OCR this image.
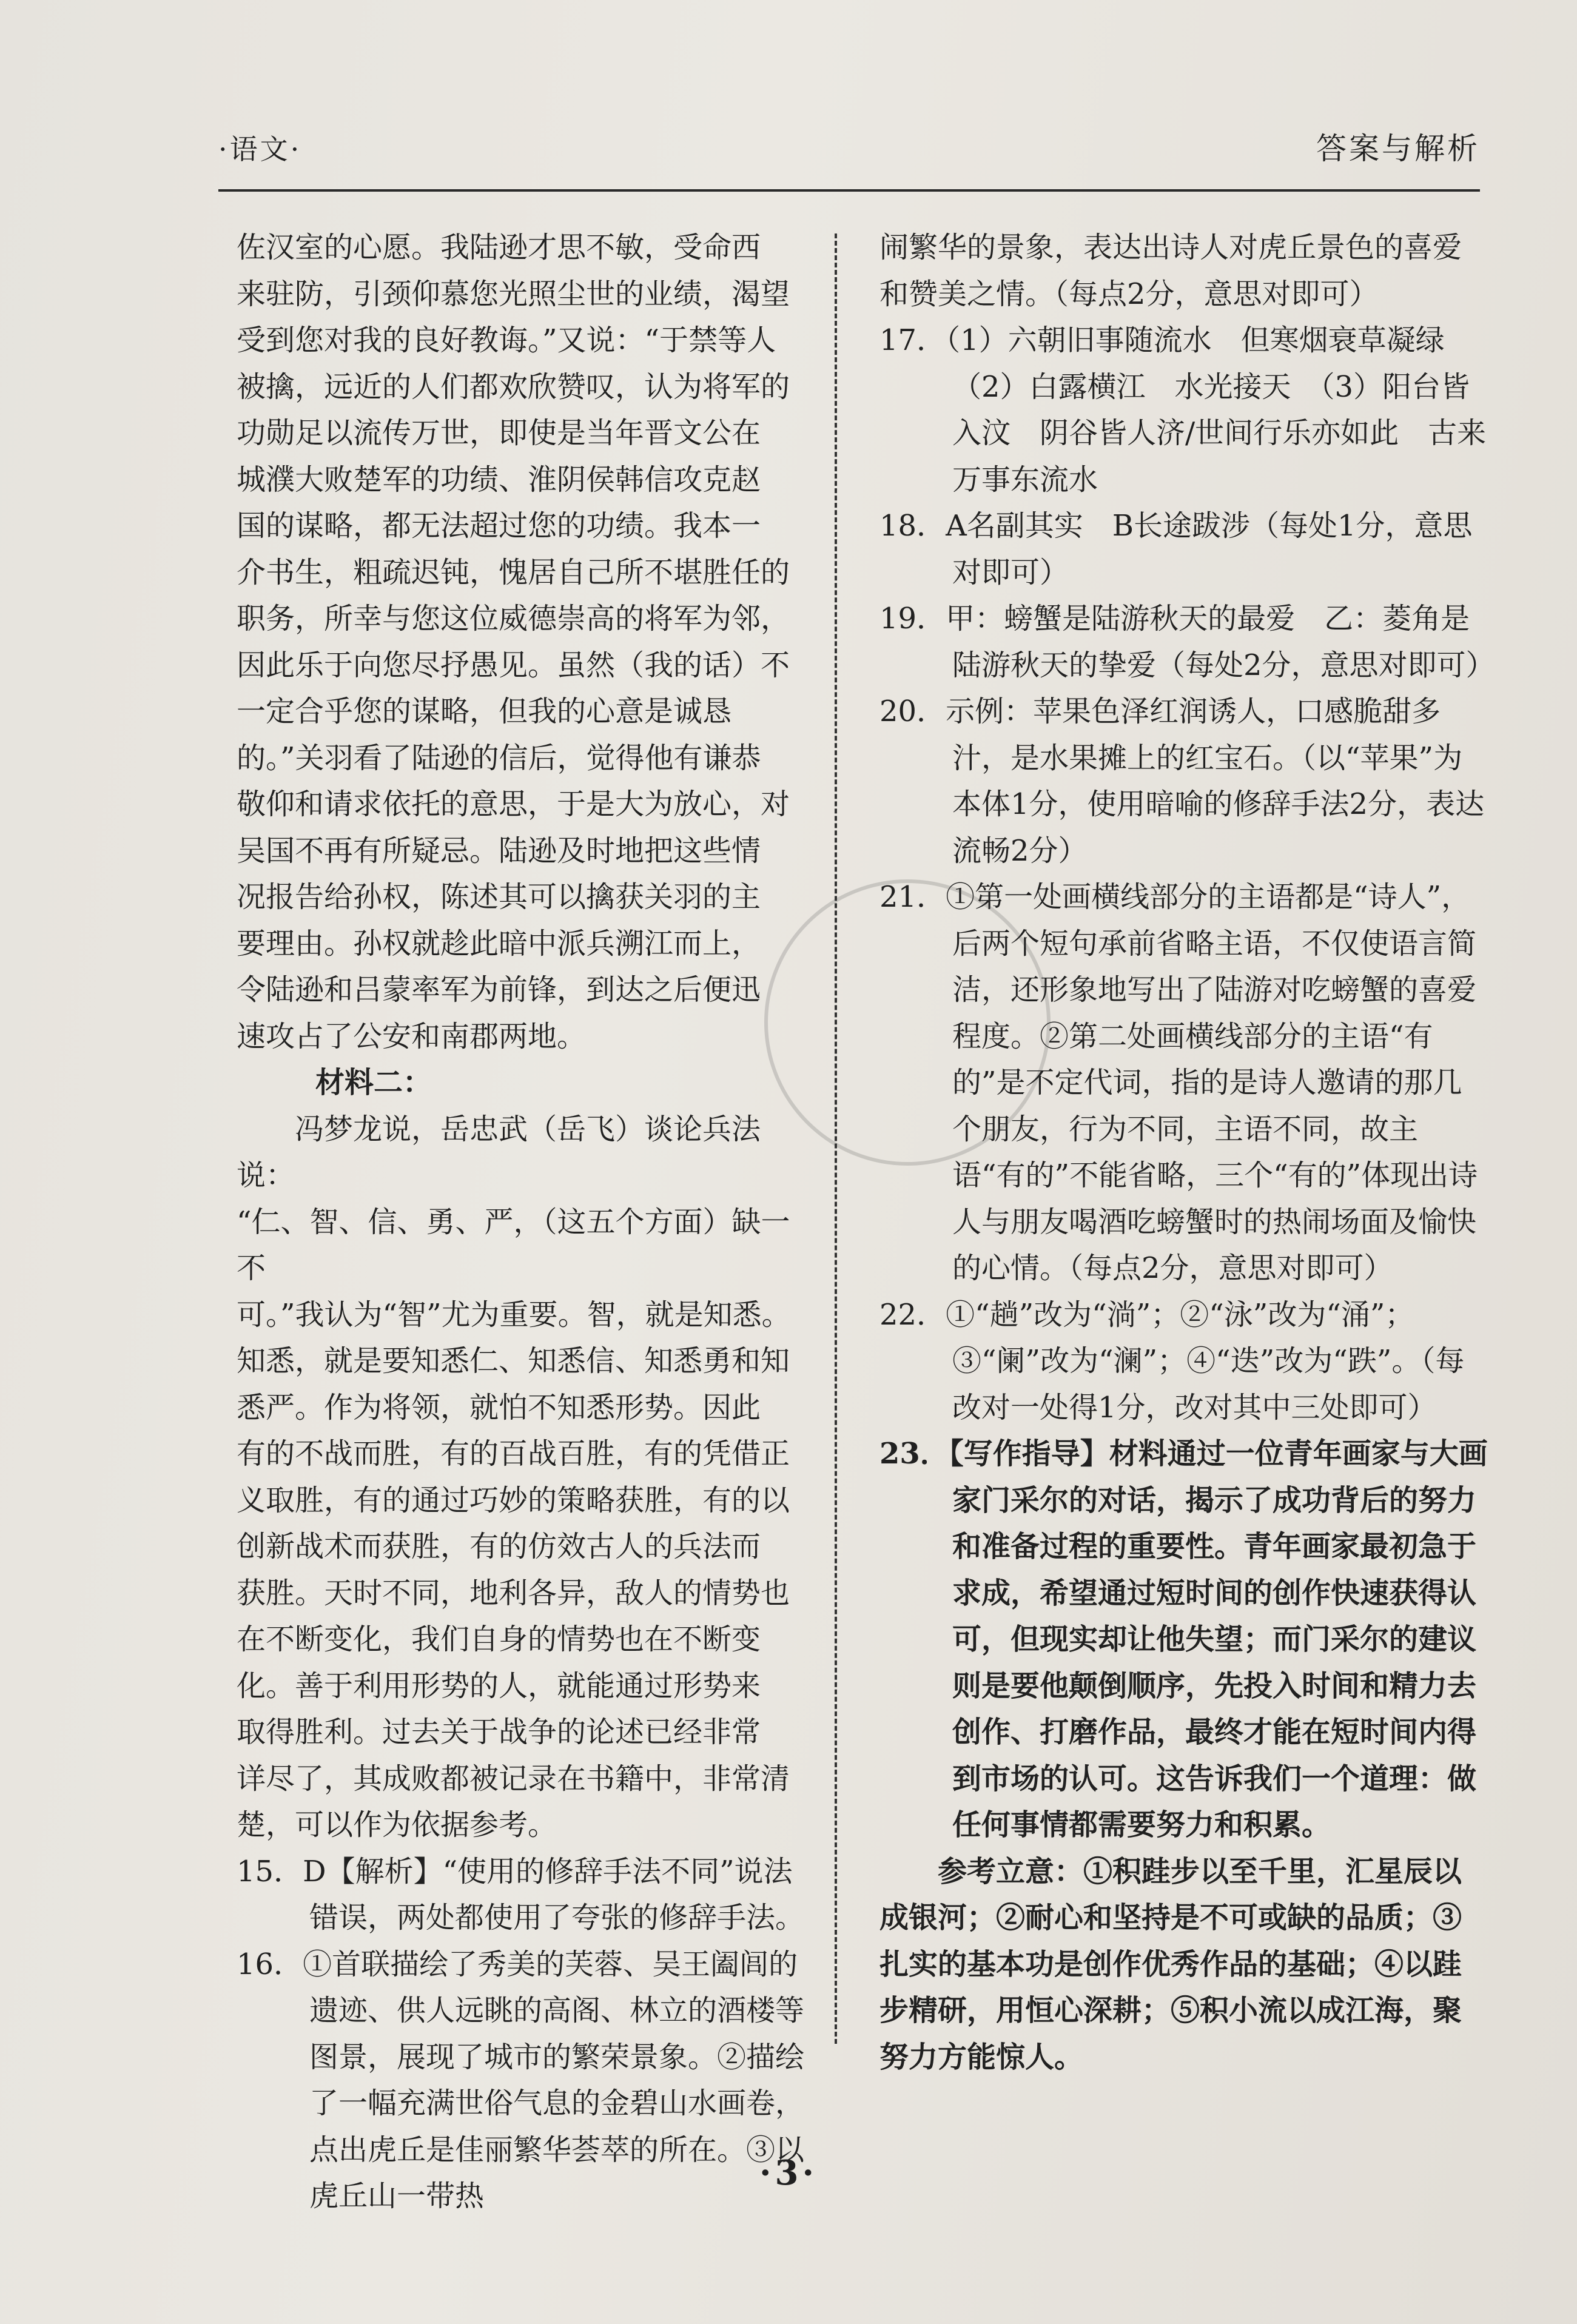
·语文·	答案与解析

佐汉室的心愿。我陆逊才思不敏，受命西

来驻防，引颈仰慕您光照尘世的业绩，渴望

受到您对我的良好教诲。”又说：“于禁等人

被擒，远近的人们都欢欣赞叹，认为将军的

功勋足以流传万世，即使是当年晋文公在

城濮大败楚军的功绩、淮阴侯韩信攻克赵

国的谋略，都无法超过您的功绩。我本一

介书生，粗疏迟钝，愧居自己所不堪胜任的

职务，所幸与您这位威德崇高的将军为邻，

因此乐于向您尽抒愚见。虽然（我的话）不

一定合乎您的谋略，但我的心意是诚恳

的。”关羽看了陆逊的信后，觉得他有谦恭

敬仰和请求依托的意思，于是大为放心，对

吴国不再有所疑忌。陆逊及时地把这些情

况报告给孙权，陈述其可以擒获关羽的主

要理由。孙权就趁此暗中派兵溯江而上，

令陆逊和吕蒙率军为前锋，到达之后便迅

速攻占了公安和南郡两地。

材料二：

冯梦龙说，岳忠武（岳飞）谈论兵法说：

“仁、智、信、勇、严，（这五个方面）缺一不

可。”我认为“智”尤为重要。智，就是知悉。

知悉，就是要知悉仁、知悉信、知悉勇和知

悉严。作为将领，就怕不知悉形势。因此

有的不战而胜，有的百战百胜，有的凭借正

义取胜，有的通过巧妙的策略获胜，有的以

创新战术而获胜，有的仿效古人的兵法而

获胜。天时不同，地利各异，敌人的情势也

在不断变化，我们自身的情势也在不断变

化。善于利用形势的人，就能通过形势来

取得胜利。过去关于战争的论述已经非常

详尽了，其成败都被记录在书籍中，非常清

楚，可以作为依据参考。

15．D【解析】“使用的修辞手法不同”说法错误，两处都使用了夸张的修辞手法。

16．①首联描绘了秀美的芙蓉、吴王阖闾的遗迹、供人远眺的高阁、林立的酒楼等图景，展现了城市的繁荣景象。②描绘了一幅充满世俗气息的金碧山水画卷，点出虎丘是佳丽繁华荟萃的所在。③以虎丘山一带热

闹繁华的景象，表达出诗人对虎丘景色的喜爱和赞美之情。（每点2分，意思对即可）

17．（1）六朝旧事随流水　但寒烟衰草凝绿　（2）白露横江　水光接天　（3）阳台皆入汶　阴谷皆人济/世间行乐亦如此　古来万事东流水

18．A名副其实　B长途跋涉（每处1分，意思对即可）

19．甲：螃蟹是陆游秋天的最爱　乙：菱角是陆游秋天的挚爱（每处2分，意思对即可）

20．示例：苹果色泽红润诱人，口感脆甜多汁，是水果摊上的红宝石。（以“苹果”为本体1分，使用暗喻的修辞手法2分，表达流畅2分）

21．①第一处画横线部分的主语都是“诗人”，后两个短句承前省略主语，不仅使语言简洁，还形象地写出了陆游对吃螃蟹的喜爱程度。②第二处画横线部分的主语“有的”是不定代词，指的是诗人邀请的那几个朋友，行为不同，主语不同，故主语“有的”不能省略，三个“有的”体现出诗人与朋友喝酒吃螃蟹时的热闹场面及愉快的心情。（每点2分，意思对即可）

22．①“趟”改为“淌”；②“泳”改为“涌”；③“阑”改为“澜”；④“迭”改为“跌”。（每改对一处得1分，改对其中三处即可）

23．【写作指导】材料通过一位青年画家与大画家门采尔的对话，揭示了成功背后的努力和准备过程的重要性。青年画家最初急于求成，希望通过短时间的创作快速获得认可，但现实却让他失望；而门采尔的建议则是要他颠倒顺序，先投入时间和精力去创作、打磨作品，最终才能在短时间内得到市场的认可。这告诉我们一个道理：做任何事情都需要努力和积累。

参考立意：①积跬步以至千里，汇星辰以成银河；②耐心和坚持是不可或缺的品质；③扎实的基本功是创作优秀作品的基础；④以跬步精研，用恒心深耕；⑤积小流以成江海，聚努力方能惊人。

·3·
